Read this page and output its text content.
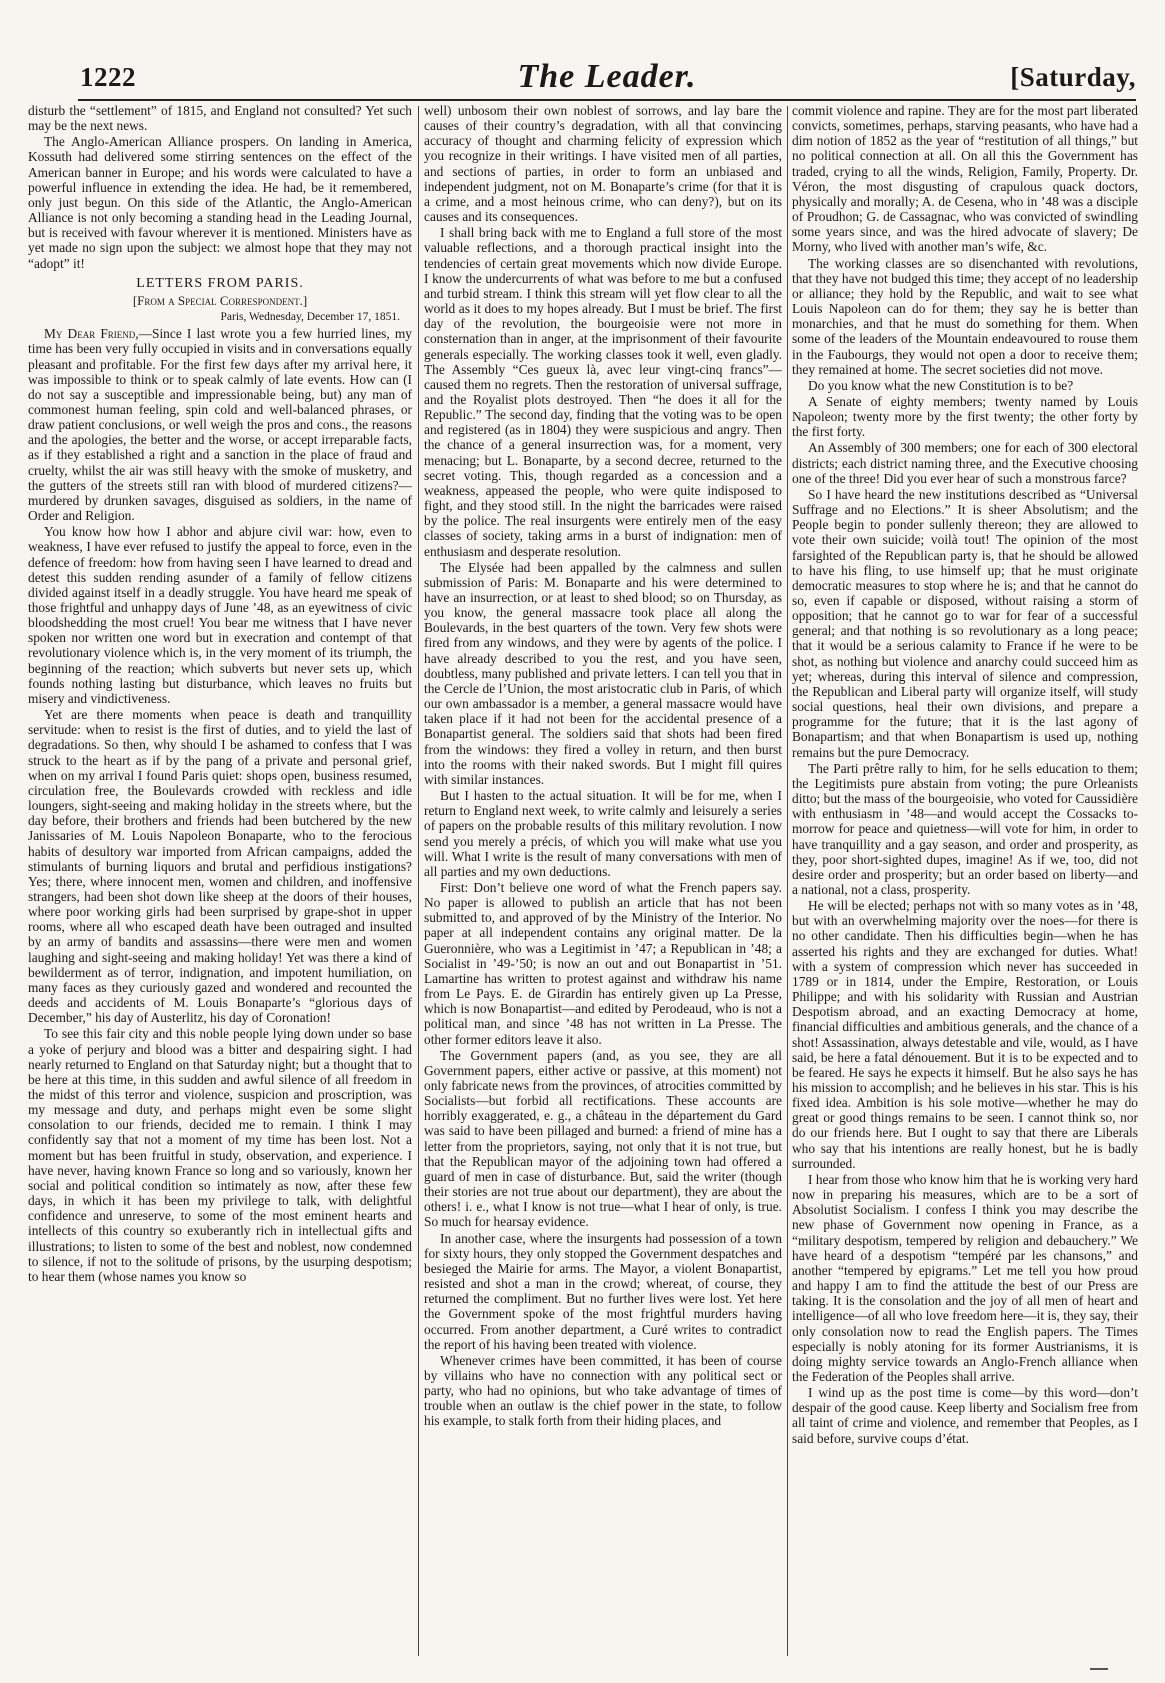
1222	The Leader.	[Saturday,

disturb the “settlement” of 1815, and England not consulted? Yet such may be the next news.

The Anglo-American Alliance prospers. On landing in America, Kossuth had delivered some stirring sentences on the effect of the American banner in Europe; and his words were calculated to have a powerful influence in extending the idea. He had, be it remembered, only just begun. On this side of the Atlantic, the Anglo-American Alliance is not only becoming a standing head in the Leading Journal, but is received with favour wherever it is mentioned. Ministers have as yet made no sign upon the subject: we almost hope that they may not “adopt” it!

LETTERS FROM PARIS.
[From a Special Correspondent.]
Paris, Wednesday, December 17, 1851.

My Dear Friend,—Since I last wrote you a few hurried lines, my time has been very fully occupied in visits and in conversations equally pleasant and profitable. For the first few days after my arrival here, it was impossible to think or to speak calmly of late events. How can (I do not say a susceptible and impressionable being, but) any man of commonest human feeling, spin cold and well-balanced phrases, or draw patient conclusions, or well weigh the pros and cons., the reasons and the apologies, the better and the worse, or accept irreparable facts, as if they established a right and a sanction in the place of fraud and cruelty, whilst the air was still heavy with the smoke of musketry, and the gutters of the streets still ran with blood of murdered citizens?—murdered by drunken savages, disguised as soldiers, in the name of Order and Religion.

You know how how I abhor and abjure civil war: how, even to weakness, I have ever refused to justify the appeal to force, even in the defence of freedom: how from having seen I have learned to dread and detest this sudden rending asunder of a family of fellow citizens divided against itself in a deadly struggle. You have heard me speak of those frightful and unhappy days of June ’48, as an eyewitness of civic bloodshedding the most cruel! You bear me witness that I have never spoken nor written one word but in execration and contempt of that revolutionary violence which is, in the very moment of its triumph, the beginning of the reaction; which subverts but never sets up, which founds nothing lasting but disturbance, which leaves no fruits but misery and vindictiveness.

Yet are there moments when peace is death and tranquillity servitude: when to resist is the first of duties, and to yield the last of degradations. So then, why should I be ashamed to confess that I was struck to the heart as if by the pang of a private and personal grief, when on my arrival I found Paris quiet: shops open, business resumed, circulation free, the Boulevards crowded with reckless and idle loungers, sight-seeing and making holiday in the streets where, but the day before, their brothers and friends had been butchered by the new Janissaries of M. Louis Napoleon Bonaparte, who to the ferocious habits of desultory war imported from African campaigns, added the stimulants of burning liquors and brutal and perfidious instigations? Yes; there, where innocent men, women and children, and inoffensive strangers, had been shot down like sheep at the doors of their houses, where poor working girls had been surprised by grape-shot in upper rooms, where all who escaped death have been outraged and insulted by an army of bandits and assassins—there were men and women laughing and sight-seeing and making holiday! Yet was there a kind of bewilderment as of terror, indignation, and impotent humiliation, on many faces as they curiously gazed and wondered and recounted the deeds and accidents of M. Louis Bonaparte’s “glorious days of December,” his day of Austerlitz, his day of Coronation!

To see this fair city and this noble people lying down under so base a yoke of perjury and blood was a bitter and despairing sight. I had nearly returned to England on that Saturday night; but a thought that to be here at this time, in this sudden and awful silence of all freedom in the midst of this terror and violence, suspicion and proscription, was my message and duty, and perhaps might even be some slight consolation to our friends, decided me to remain. I think I may confidently say that not a moment of my time has been lost. Not a moment but has been fruitful in study, observation, and experience. I have never, having known France so long and so variously, known her social and political condition so intimately as now, after these few days, in which it has been my privilege to talk, with delightful confidence and unreserve, to some of the most eminent hearts and intellects of this country so exuberantly rich in intellectual gifts and illustrations; to listen to some of the best and noblest, now condemned to silence, if not to the solitude of prisons, by the usurping despotism; to hear them (whose names you know so

well) unbosom their own noblest of sorrows, and lay bare the causes of their country’s degradation, with all that convincing accuracy of thought and charming felicity of expression which you recognize in their writings. I have visited men of all parties, and sections of parties, in order to form an unbiased and independent judgment, not on M. Bonaparte’s crime (for that it is a crime, and a most heinous crime, who can deny?), but on its causes and its consequences.

I shall bring back with me to England a full store of the most valuable reflections, and a thorough practical insight into the tendencies of certain great movements which now divide Europe. I know the undercurrents of what was before to me but a confused and turbid stream. I think this stream will yet flow clear to all the world as it does to my hopes already. But I must be brief. The first day of the revolution, the bourgeoisie were not more in consternation than in anger, at the imprisonment of their favourite generals especially. The working classes took it well, even gladly. The Assembly “Ces gueux là, avec leur vingt-cinq francs”—caused them no regrets. Then the restoration of universal suffrage, and the Royalist plots destroyed. Then “he does it all for the Republic.” The second day, finding that the voting was to be open and registered (as in 1804) they were suspicious and angry. Then the chance of a general insurrection was, for a moment, very menacing; but L. Bonaparte, by a second decree, returned to the secret voting. This, though regarded as a concession and a weakness, appeased the people, who were quite indisposed to fight, and they stood still. In the night the barricades were raised by the police. The real insurgents were entirely men of the easy classes of society, taking arms in a burst of indignation: men of enthusiasm and desperate resolution.

The Elysée had been appalled by the calmness and sullen submission of Paris: M. Bonaparte and his were determined to have an insurrection, or at least to shed blood; so on Thursday, as you know, the general massacre took place all along the Boulevards, in the best quarters of the town. Very few shots were fired from any windows, and they were by agents of the police. I have already described to you the rest, and you have seen, doubtless, many published and private letters. I can tell you that in the Cercle de l’Union, the most aristocratic club in Paris, of which our own ambassador is a member, a general massacre would have taken place if it had not been for the accidental presence of a Bonapartist general. The soldiers said that shots had been fired from the windows: they fired a volley in return, and then burst into the rooms with their naked swords. But I might fill quires with similar instances.

But I hasten to the actual situation. It will be for me, when I return to England next week, to write calmly and leisurely a series of papers on the probable results of this military revolution. I now send you merely a précis, of which you will make what use you will. What I write is the result of many conversations with men of all parties and my own deductions.

First: Don’t believe one word of what the French papers say. No paper is allowed to publish an article that has not been submitted to, and approved of by the Ministry of the Interior. No paper at all independent contains any original matter. De la Gueronnière, who was a Legitimist in ’47; a Republican in ’48; a Socialist in ’49-’50; is now an out and out Bonapartist in ’51. Lamartine has written to protest against and withdraw his name from Le Pays. E. de Girardin has entirely given up La Presse, which is now Bonapartist—and edited by Perodeaud, who is not a political man, and since ’48 has not written in La Presse. The other former editors leave it also.

The Government papers (and, as you see, they are all Government papers, either active or passive, at this moment) not only fabricate news from the provinces, of atrocities committed by Socialists—but forbid all rectifications. These accounts are horribly exaggerated, e. g., a château in the département du Gard was said to have been pillaged and burned: a friend of mine has a letter from the proprietors, saying, not only that it is not true, but that the Republican mayor of the adjoining town had offered a guard of men in case of disturbance. But, said the writer (though their stories are not true about our department), they are about the others! i. e., what I know is not true—what I hear of only, is true. So much for hearsay evidence.

In another case, where the insurgents had possession of a town for sixty hours, they only stopped the Government despatches and besieged the Mairie for arms. The Mayor, a violent Bonapartist, resisted and shot a man in the crowd; whereat, of course, they returned the compliment. But no further lives were lost. Yet here the Government spoke of the most frightful murders having occurred. From another department, a Curé writes to contradict the report of his having been treated with violence.

Whenever crimes have been committed, it has been of course by villains who have no connection with any political sect or party, who had no opinions, but who take advantage of times of trouble when an outlaw is the chief power in the state, to follow his example, to stalk forth from their hiding places, and

commit violence and rapine. They are for the most part liberated convicts, sometimes, perhaps, starving peasants, who have had a dim notion of 1852 as the year of “restitution of all things,” but no political connection at all. On all this the Government has traded, crying to all the winds, Religion, Family, Property. Dr. Véron, the most disgusting of crapulous quack doctors, physically and morally; A. de Cesena, who in ’48 was a disciple of Proudhon; G. de Cassagnac, who was convicted of swindling some years since, and was the hired advocate of slavery; De Morny, who lived with another man’s wife, &c.

The working classes are so disenchanted with revolutions, that they have not budged this time; they accept of no leadership or alliance; they hold by the Republic, and wait to see what Louis Napoleon can do for them; they say he is better than monarchies, and that he must do something for them. When some of the leaders of the Mountain endeavoured to rouse them in the Faubourgs, they would not open a door to receive them; they remained at home. The secret societies did not move.

Do you know what the new Constitution is to be?

A Senate of eighty members; twenty named by Louis Napoleon; twenty more by the first twenty; the other forty by the first forty.

An Assembly of 300 members; one for each of 300 electoral districts; each district naming three, and the Executive choosing one of the three! Did you ever hear of such a monstrous farce?

So I have heard the new institutions described as “Universal Suffrage and no Elections.” It is sheer Absolutism; and the People begin to ponder sullenly thereon; they are allowed to vote their own suicide; voilà tout! The opinion of the most farsighted of the Republican party is, that he should be allowed to have his fling, to use himself up; that he must originate democratic measures to stop where he is; and that he cannot do so, even if capable or disposed, without raising a storm of opposition; that he cannot go to war for fear of a successful general; and that nothing is so revolutionary as a long peace; that it would be a serious calamity to France if he were to be shot, as nothing but violence and anarchy could succeed him as yet; whereas, during this interval of silence and compression, the Republican and Liberal party will organize itself, will study social questions, heal their own divisions, and prepare a programme for the future; that it is the last agony of Bonapartism; and that when Bonapartism is used up, nothing remains but the pure Democracy.

The Parti prêtre rally to him, for he sells education to them; the Legitimists pure abstain from voting; the pure Orleanists ditto; but the mass of the bourgeoisie, who voted for Caussidière with enthusiasm in ’48—and would accept the Cossacks to-morrow for peace and quietness—will vote for him, in order to have tranquillity and a gay season, and order and prosperity, as they, poor short-sighted dupes, imagine! As if we, too, did not desire order and prosperity; but an order based on liberty—and a national, not a class, prosperity.

He will be elected; perhaps not with so many votes as in ’48, but with an overwhelming majority over the noes—for there is no other candidate. Then his difficulties begin—when he has asserted his rights and they are exchanged for duties. What! with a system of compression which never has succeeded in 1789 or in 1814, under the Empire, Restoration, or Louis Philippe; and with his solidarity with Russian and Austrian Despotism abroad, and an exacting Democracy at home, financial difficulties and ambitious generals, and the chance of a shot! Assassination, always detestable and vile, would, as I have said, be here a fatal dénouement. But it is to be expected and to be feared. He says he expects it himself. But he also says he has his mission to accomplish; and he believes in his star. This is his fixed idea. Ambition is his sole motive—whether he may do great or good things remains to be seen. I cannot think so, nor do our friends here. But I ought to say that there are Liberals who say that his intentions are really honest, but he is badly surrounded.

I hear from those who know him that he is working very hard now in preparing his measures, which are to be a sort of Absolutist Socialism. I confess I think you may describe the new phase of Government now opening in France, as a “military despotism, tempered by religion and debauchery.” We have heard of a despotism “tempéré par les chansons,” and another “tempered by epigrams.” Let me tell you how proud and happy I am to find the attitude the best of our Press are taking. It is the consolation and the joy of all men of heart and intelligence—of all who love freedom here—it is, they say, their only consolation now to read the English papers. The Times especially is nobly atoning for its former Austrianisms, it is doing mighty service towards an Anglo-French alliance when the Federation of the Peoples shall arrive.

I wind up as the post time is come—by this word—don’t despair of the good cause. Keep liberty and Socialism free from all taint of crime and violence, and remember that Peoples, as I said before, survive coups d’état.
